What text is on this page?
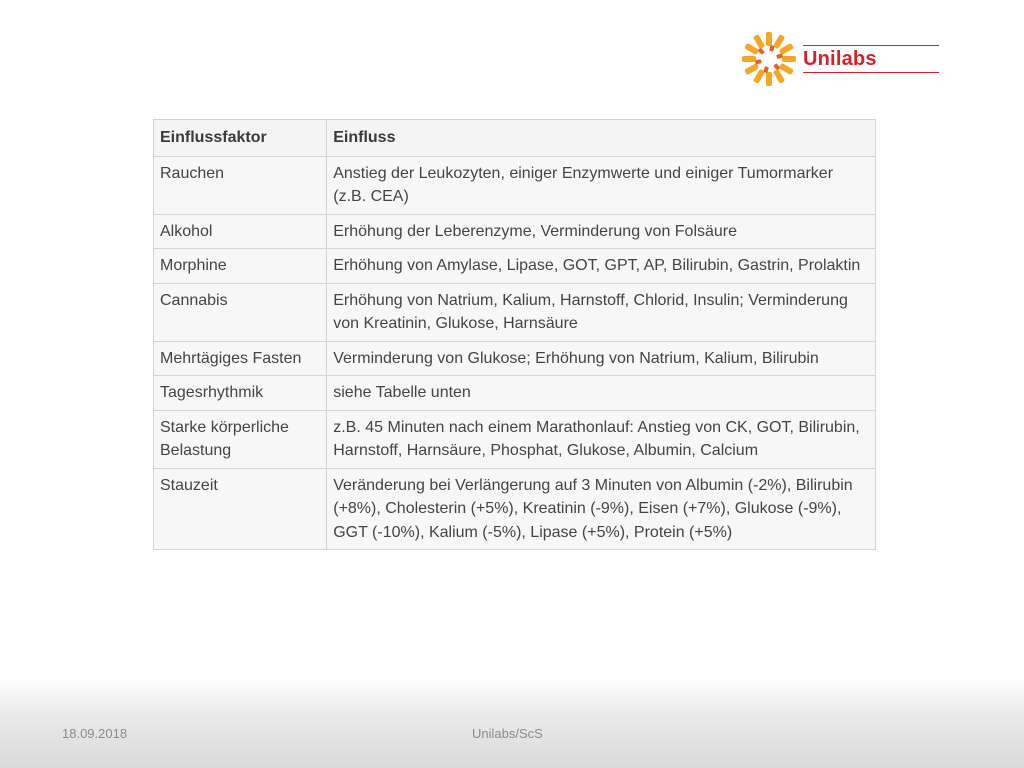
Unilabs
Einflussfaktor	Einfluss
Rauchen	Anstieg der Leukozyten, einiger Enzymwerte und einiger Tumormarker (z.B. CEA)
Alkohol	Erhöhung der Leberenzyme, Verminderung von Folsäure
Morphine	Erhöhung von Amylase, Lipase, GOT, GPT, AP, Bilirubin, Gastrin, Prolaktin
Cannabis	Erhöhung von Natrium, Kalium, Harnstoff, Chlorid, Insulin; Verminderung von Kreatinin, Glukose, Harnsäure
Mehrtägiges Fasten	Verminderung von Glukose; Erhöhung von Natrium, Kalium, Bilirubin
Tagesrhythmik	siehe Tabelle unten
Starke körperliche Belastung	z.B. 45 Minuten nach einem Marathonlauf: Anstieg von CK, GOT, Bilirubin, Harnstoff, Harnsäure, Phosphat, Glukose, Albumin, Calcium
Stauzeit	Veränderung bei Verlängerung auf 3 Minuten von Albumin (-2%), Bilirubin (+8%), Cholesterin (+5%), Kreatinin (-9%), Eisen (+7%), Glukose (-9%), GGT (-10%), Kalium (-5%), Lipase (+5%), Protein (+5%)
18.09.2018	Unilabs/ScS
